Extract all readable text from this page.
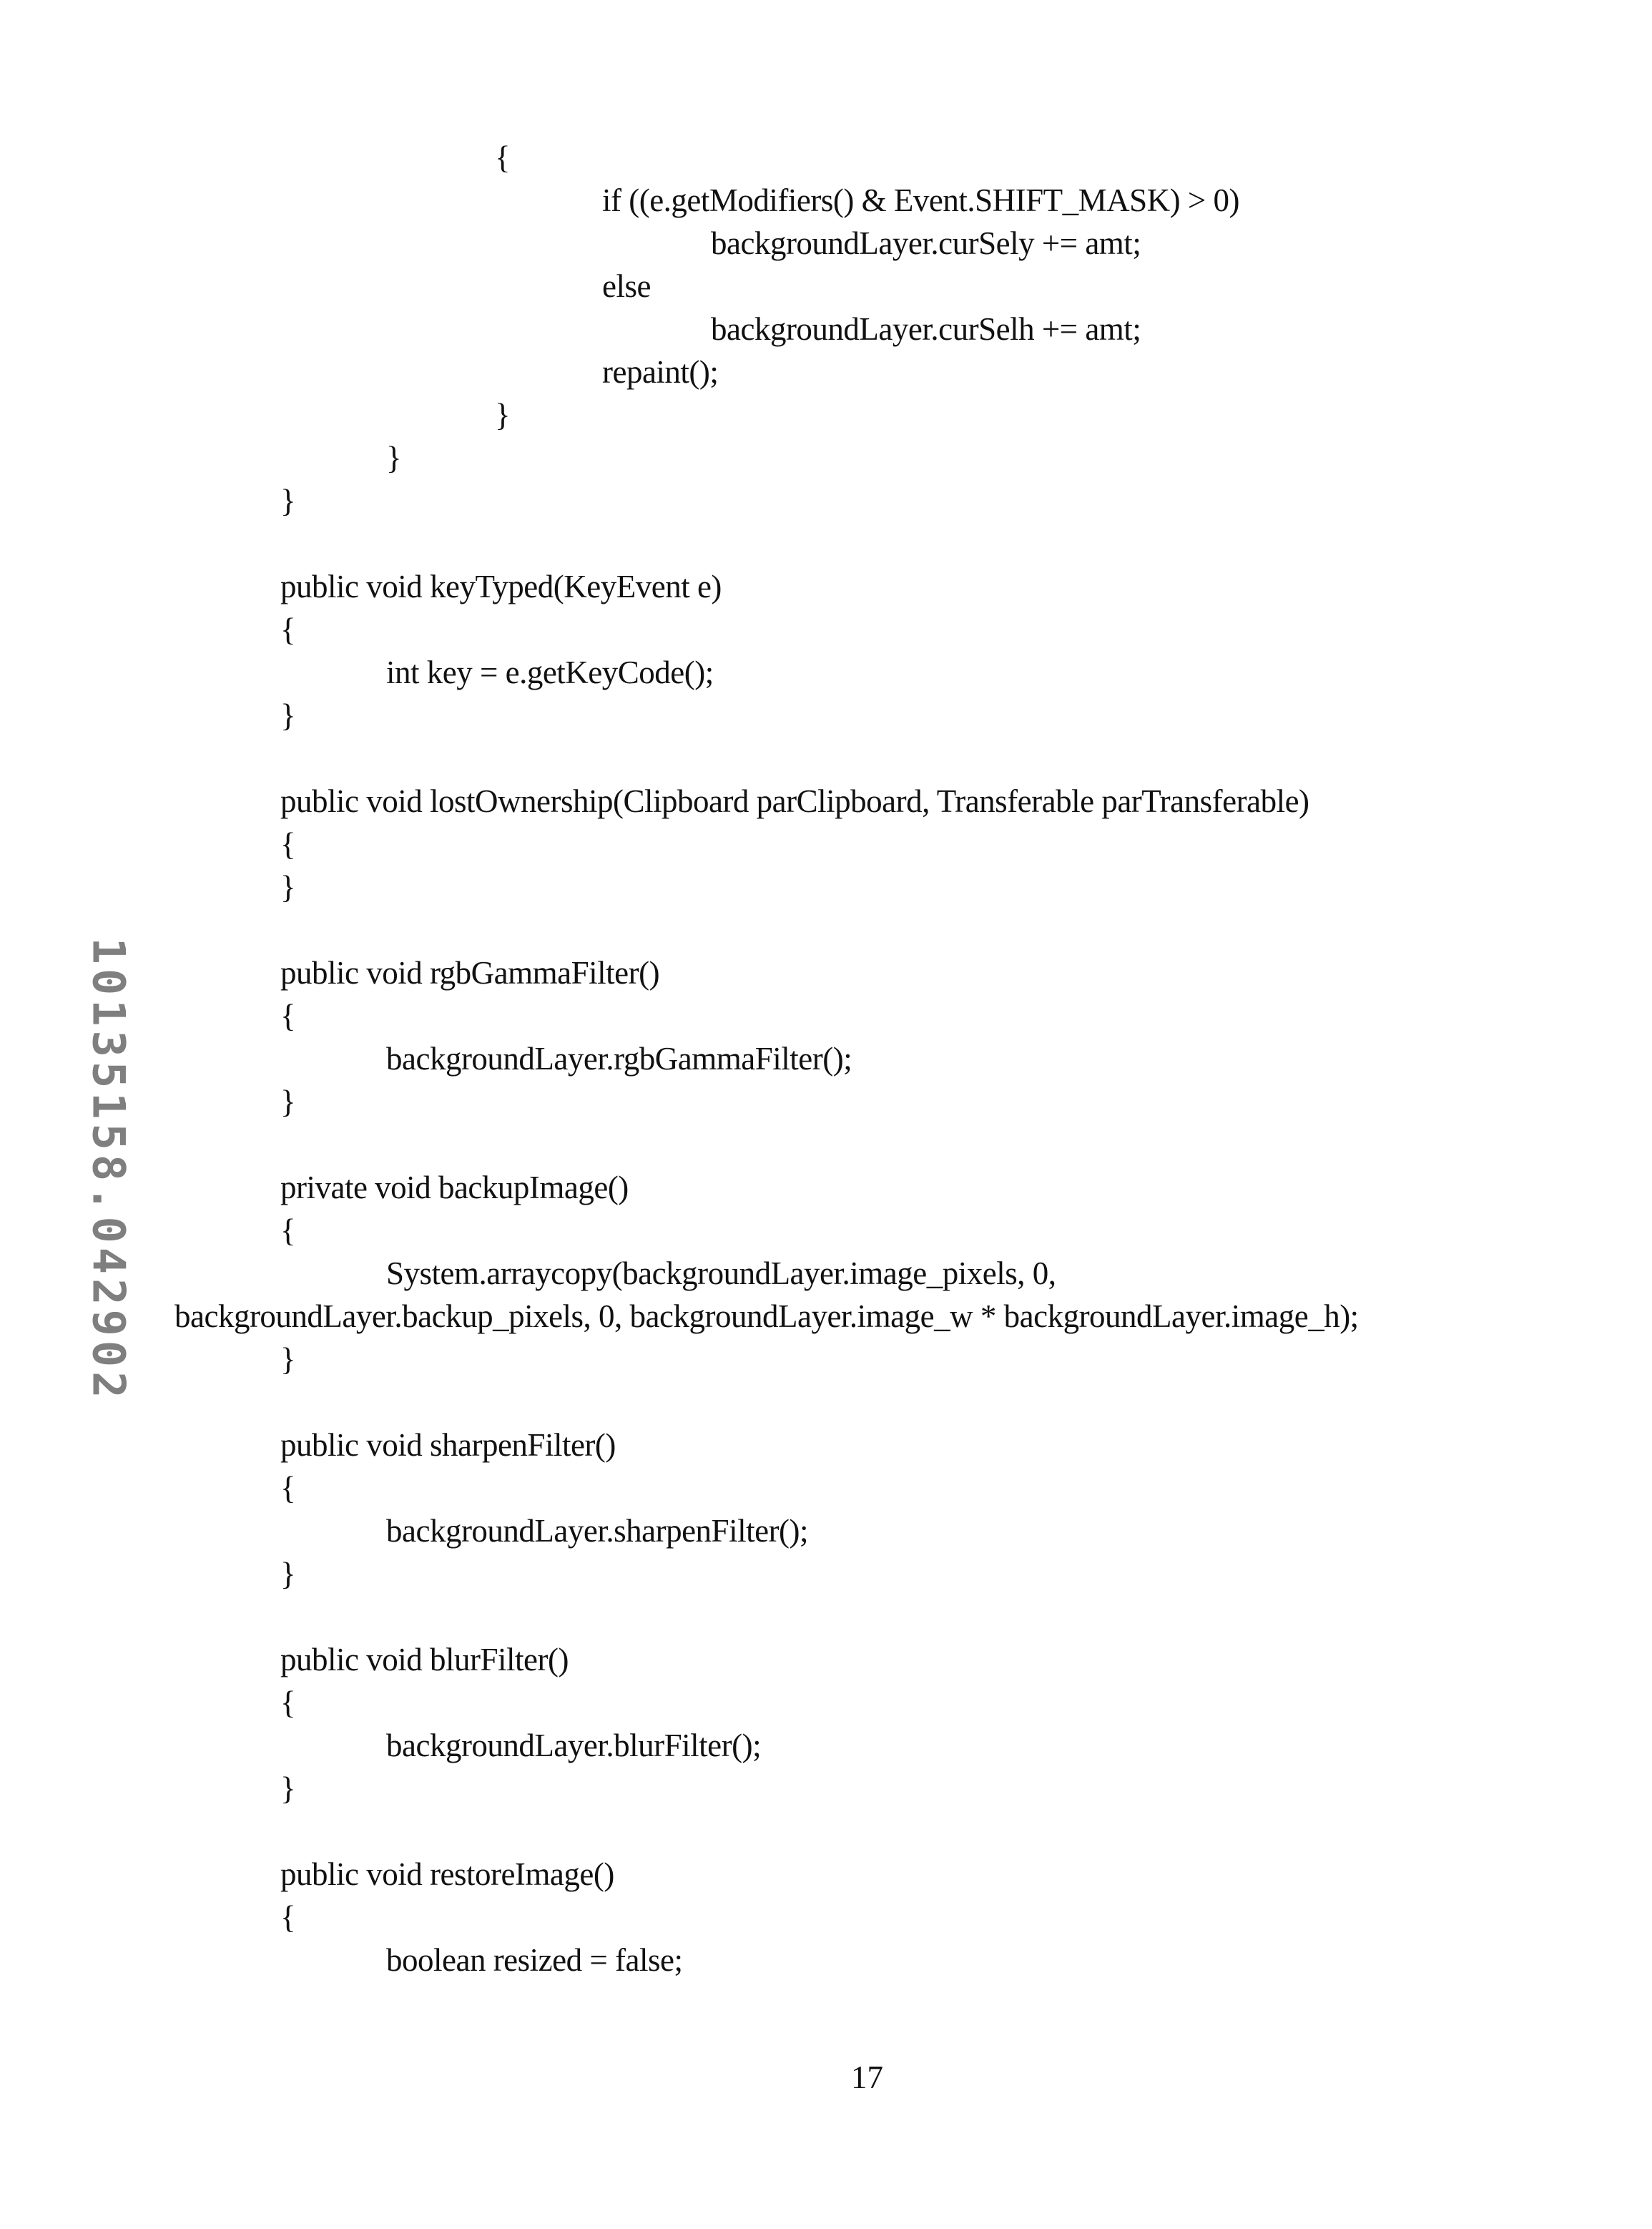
{
if ((e.getModifiers() & Event.SHIFT_MASK) > 0)
backgroundLayer.curSely += amt;
else
backgroundLayer.curSelh += amt;
repaint();
}
}
}
public void keyTyped(KeyEvent e)
{
int key = e.getKeyCode();
}
public void lostOwnership(Clipboard parClipboard, Transferable parTransferable)
{
}
public void rgbGammaFilter()
{
backgroundLayer.rgbGammaFilter();
}
private void backupImage()
{
System.arraycopy(backgroundLayer.image_pixels, 0,
backgroundLayer.backup_pixels, 0, backgroundLayer.image_w * backgroundLayer.image_h);
}
public void sharpenFilter()
{
backgroundLayer.sharpenFilter();
}
public void blurFilter()
{
backgroundLayer.blurFilter();
}
public void restoreImage()
{
boolean resized = false;
10135158.042902
17
